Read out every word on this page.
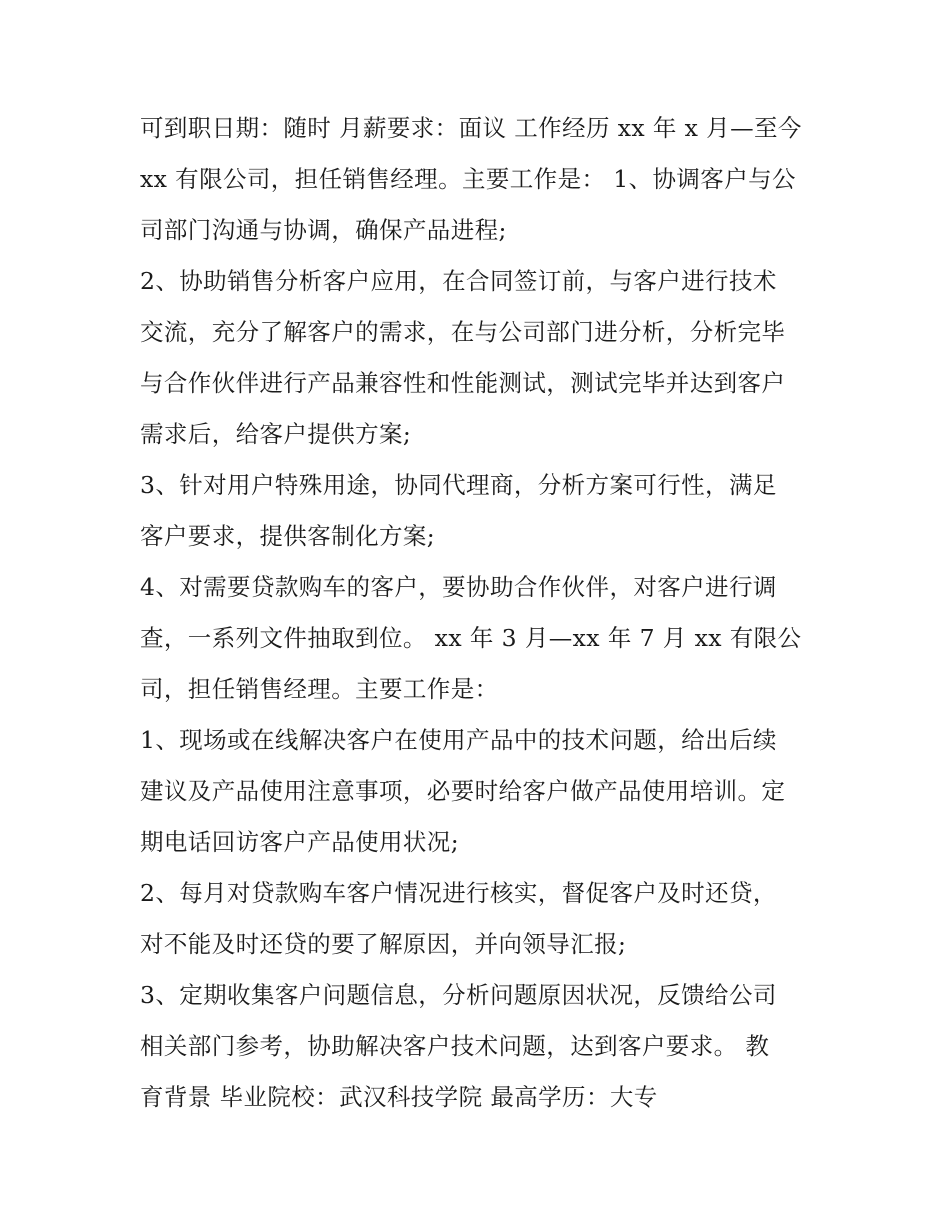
可到职日期：随时 月薪要求：面议 工作经历 xx 年 x 月—至今
xx 有限公司，担任销售经理。主要工作是： 1、协调客户与公
司部门沟通与协调，确保产品进程;
2、协助销售分析客户应用，在合同签订前，与客户进行技术
交流，充分了解客户的需求，在与公司部门进分析，分析完毕
与合作伙伴进行产品兼容性和性能测试，测试完毕并达到客户
需求后，给客户提供方案;
3、针对用户特殊用途，协同代理商，分析方案可行性，满足
客户要求，提供客制化方案;
4、对需要贷款购车的客户，要协助合作伙伴，对客户进行调
查，一系列文件抽取到位。 xx 年 3 月—xx 年 7 月 xx 有限公
司，担任销售经理。主要工作是：
1、现场或在线解决客户在使用产品中的技术问题，给出后续
建议及产品使用注意事项，必要时给客户做产品使用培训。定
期电话回访客户产品使用状况;
2、每月对贷款购车客户情况进行核实，督促客户及时还贷，
对不能及时还贷的要了解原因，并向领导汇报;
3、定期收集客户问题信息，分析问题原因状况，反馈给公司
相关部门参考，协助解决客户技术问题，达到客户要求。 教
育背景 毕业院校：武汉科技学院 最高学历：大专
